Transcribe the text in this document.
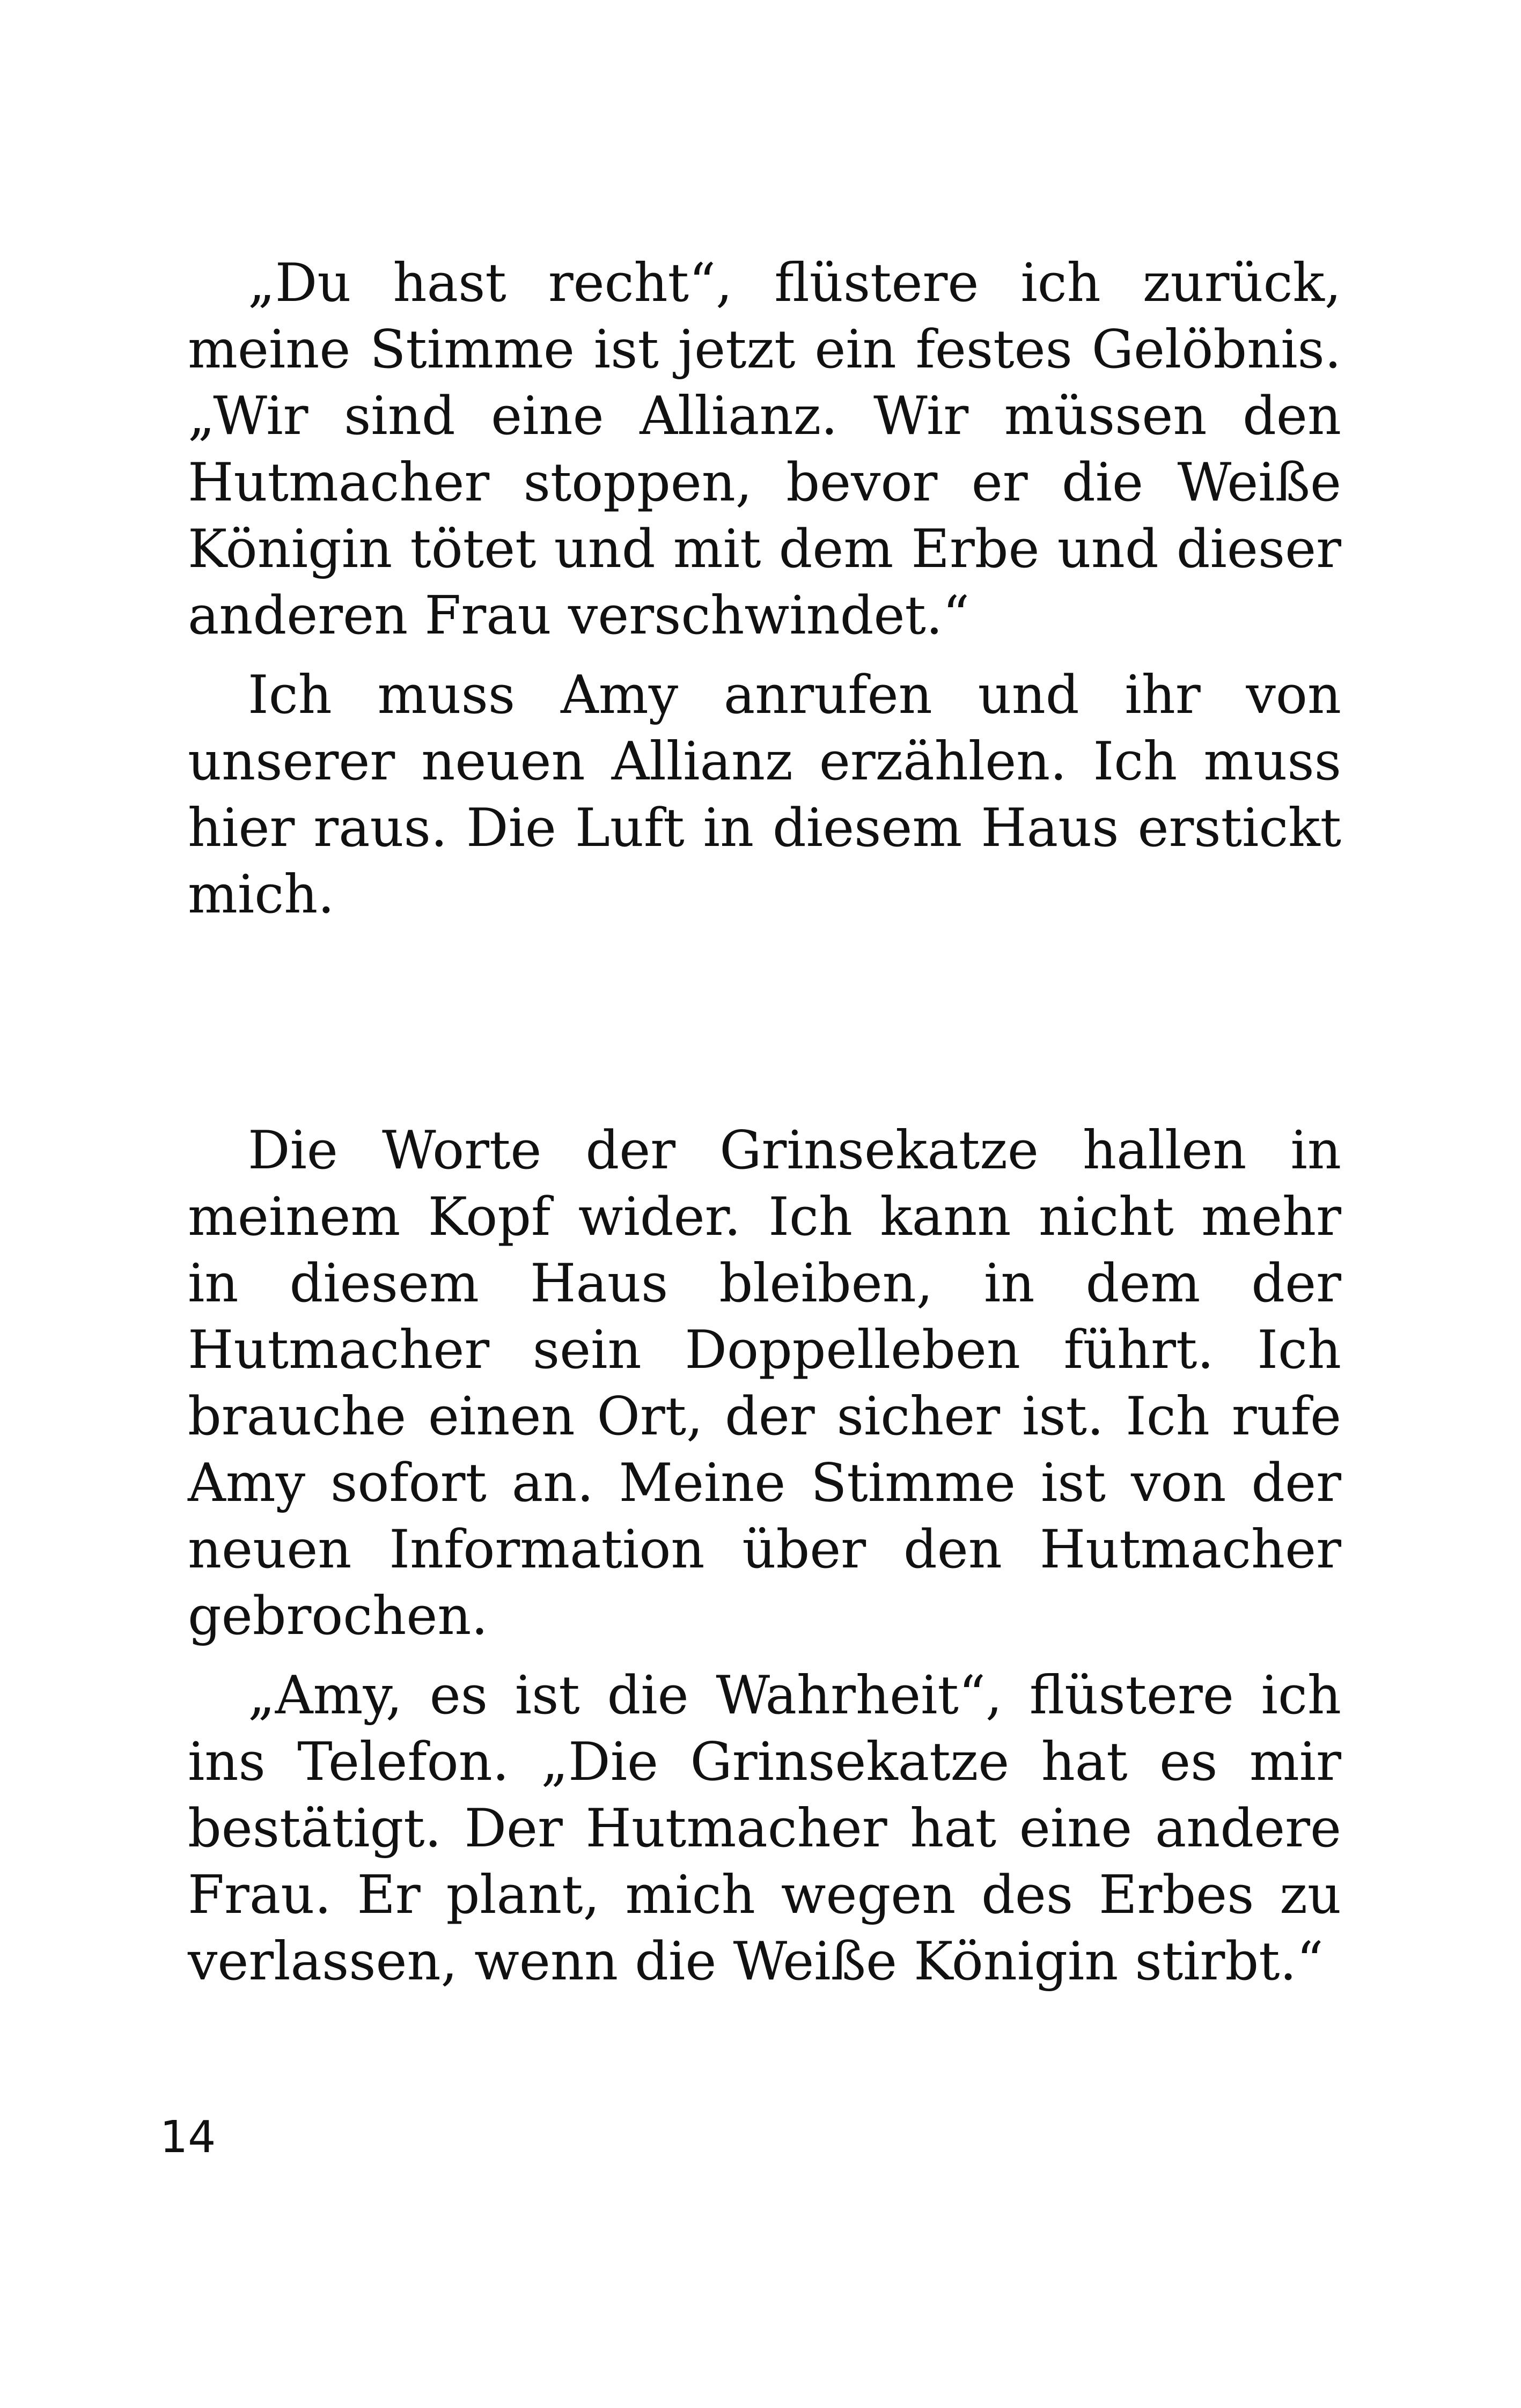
„Du hast recht“, flüstere ich zurück, meine Stimme ist jetzt ein festes Gelöbnis. „Wir sind eine Allianz. Wir müssen den Hutmacher stoppen, bevor er die Weiße Königin tötet und mit dem Erbe und dieser anderen Frau verschwindet.“

Ich muss Amy anrufen und ihr von unserer neuen Allianz erzählen. Ich muss hier raus. Die Luft in diesem Haus erstickt mich.

Die Worte der Grinsekatze hallen in meinem Kopf wider. Ich kann nicht mehr in diesem Haus bleiben, in dem der Hutmacher sein Doppelleben führt. Ich brauche einen Ort, der sicher ist. Ich rufe Amy sofort an. Meine Stimme ist von der neuen Information über den Hutmacher gebrochen.

„Amy, es ist die Wahrheit“, flüstere ich ins Telefon. „Die Grinsekatze hat es mir bestätigt. Der Hutmacher hat eine andere Frau. Er plant, mich wegen des Erbes zu verlassen, wenn die Weiße Königin stirbt.“

14
